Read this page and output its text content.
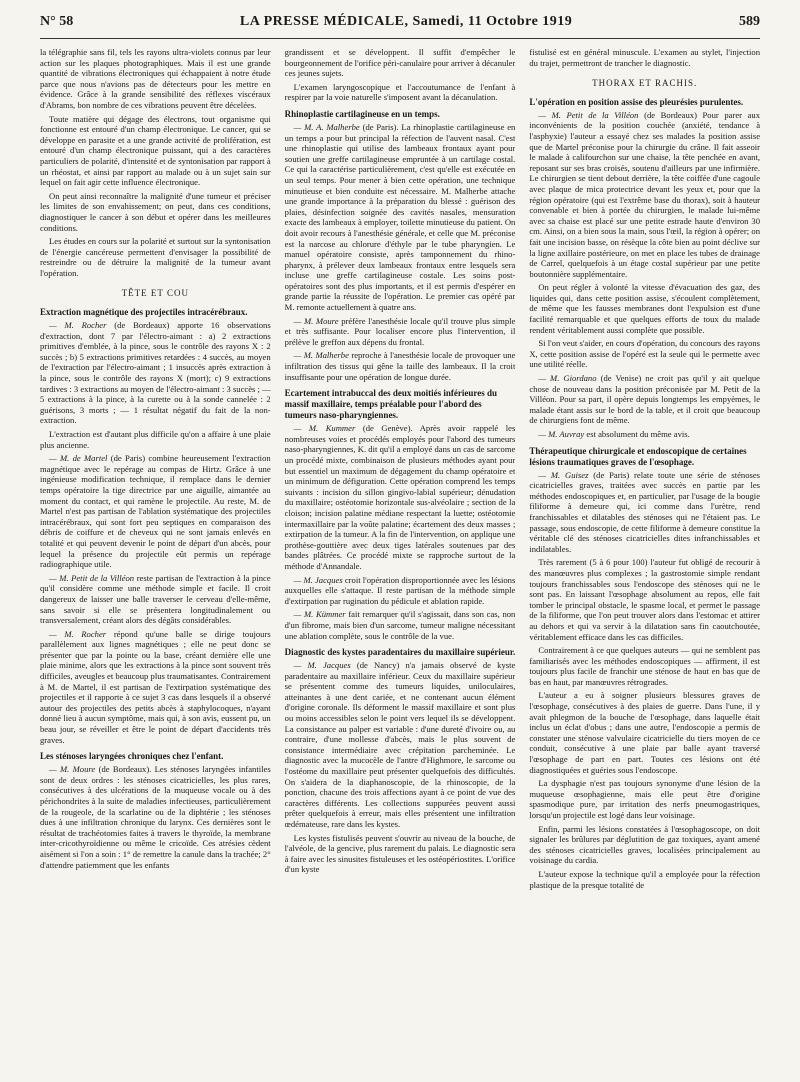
N° 58	LA PRESSE MÉDICALE, Samedi, 11 Octobre 1919	589

la télégraphie sans fil, tels les rayons ultra-violets connus par leur action sur les plaques photographiques. Mais il est une grande quantité de vibrations électroniques qui échappaient à notre étude parce que nous n'avions pas de détecteurs pour les mettre en évidence. Grâce à la grande sensibilité des réflexes viscéraux d'Abrams, bon nombre de ces vibrations peuvent être décelées.

Toute matière qui dégage des électrons, tout organisme qui fonctionne est entouré d'un champ électronique. Le cancer, qui se développe en parasite et a une grande activité de prolifération, est entouré d'un champ électronique puissant, qui a des caractères particuliers de polarité, d'intensité et de syntonisation par rapport à un rhéostat, et ainsi par rapport au malade ou à un sujet sain sur lequel on fait agir cette influence électronique.

On peut ainsi reconnaître la malignité d'une tumeur et préciser les limites de son envahissement; on peut, dans ces conditions, diagnostiquer le cancer à son début et opérer dans les meilleures conditions.

Les études en cours sur la polarité et surtout sur la syntonisation de l'énergie cancéreuse permettent d'envisager la possibilité de restreindre ou de détruire la malignité de la tumeur avant l'opération.

TÊTE ET COU
Extraction magnétique des projectiles intracérébraux.

— M. Rocher (de Bordeaux) apporte 16 observations d'extraction, dont 7 par l'électro-aimant : a) 2 extractions primitives d'emblée, à la pince, sous le contrôle des rayons X : 2 succès ; b) 5 extractions primitives retardées : 4 succès, au moyen de l'extraction par l'électro-aimant ; 1 insuccès après extraction à la pince, sous le contrôle des rayons X (mort); c) 9 extractions tardives : 3 extractions au moyen de l'électro-aimant : 3 succès ; — 5 extractions à la pince, à la curette ou à la sonde cannelée : 2 guérisons, 3 morts ; — 1 résultat négatif du fait de la non-extraction.

L'extraction est d'autant plus difficile qu'on a affaire à une plaie plus ancienne.

— M. de Martel (de Paris) combine heureusement l'extraction magnétique avec le repérage au compas de Hirtz. Grâce à une ingénieuse modification technique, il remplace dans le dernier temps opératoire la tige directrice par une aiguille, aimantée au moment du contact, et qui ramène le projectile. Au reste, M. de Martel n'est pas partisan de l'ablation systématique des projectiles intracérébraux, qui sont fort peu septiques en comparaison des débris de coiffure et de cheveux qui ne sont jamais enlevés en totalité et qui peuvent devenir le point de départ d'un abcès, pour lequel la présence du projectile eût permis un repérage radiographique utile.

— M. Petit de la Villéon reste partisan de l'extraction à la pince qu'il considère comme une méthode simple et facile. Il croit dangereux de laisser une balle traverser le cerveau d'elle-même, sans savoir si elle se présentera longitudinalement ou transversalement, créant alors des dégâts considérables.

— M. Rocher répond qu'une balle se dirige toujours parallèlement aux lignes magnétiques ; elle ne peut donc se présenter que par la pointe ou la base, créant dernière elle une plaie minime, alors que les extractions à la pince sont souvent très difficiles, aveugles et beaucoup plus traumatisantes. Contrairement à M. de Martel, il est partisan de l'extirpation systématique des projectiles et il rapporte à ce sujet 3 cas dans lesquels il a observé autour des projectiles des petits abcès à staphylocoques, n'ayant donné lieu à aucun symptôme, mais qui, à son avis, eussent pu, un beau jour, se réveiller et être le point de départ d'accidents très graves.

Les sténoses laryngées chroniques chez l'enfant.

— M. Moure (de Bordeaux). Les sténoses laryngées infantiles sont de deux ordres : les sténoses cicatricielles, les plus rares, consécutives à des ulcérations de la muqueuse vocale ou à des périchondrites à la suite de maladies infectieuses, particulièrement de la rougeole, de la scarlatine ou de la diphtérie ; les sténoses dues à une infiltration chronique du larynx. Ces dernières sont le résultat de trachéotomies faites à travers le thyroïde, la membrane inter-cricothyroïdienne ou même le cricoïde. Ces atrésies cèdent aisément si l'on a soin : 1° de remettre la canule dans la trachée; 2° d'attendre patiemment que les enfants

grandissent et se développent. Il suffit d'empêcher le bourgeonnement de l'orifice péri-canulaire pour arriver à décanuler ces jeunes sujets.

L'examen laryngoscopique et l'accoutumance de l'enfant à respirer par la voie naturelle s'imposent avant la décanulation.

Rhinoplastie cartilagineuse en un temps.

— M. A. Malherbe (de Paris). La rhinoplastie cartilagineuse en un temps a pour but principal la réfection de l'auvent nasal. C'est une rhinoplastie qui utilise des lambeaux frontaux ayant pour soutien une greffe cartilagineuse empruntée à un cartilage costal. Ce qui la caractérise particulièrement, c'est qu'elle est exécutée en un seul temps. Pour mener à bien cette opération, une technique minutieuse et bien conduite est nécessaire. M. Malherbe attache une grande importance à la préparation du blessé : guérison des plaies, désinfection soignée des cavités nasales, mensuration exacte des lambeaux à employer, toilette minutieuse du patient. On doit avoir recours à l'anesthésie générale, et celle que M. préconise est la narcose au chlorure d'éthyle par le tube pharyngien. Le manuel opératoire consiste, après tamponnement du rhino-pharynx, à prélever deux lambeaux frontaux entre lesquels sera incluse une greffe cartilagineuse costale. Les soins post-opératoires sont des plus importants, et il est permis d'espérer en grande partie la réussite de l'opération. Le premier cas opéré par M. remonte actuellement à quatre ans.

— M. Moure préfère l'anesthésie locale qu'il trouve plus simple et très suffisante. Pour localiser encore plus l'intervention, il prélève le greffon aux dépens du frontal.

— M. Malherbe reproche à l'anesthésie locale de provoquer une infiltration des tissus qui gêne la taille des lambeaux. Il la croit insuffisante pour une opération de longue durée.

Ecartement intrabuccal des deux moitiés inférieures du massif maxillaire, temps préalable pour l'abord des tumeurs naso-pharyngiennes.

— M. Kummer (de Genève). Après avoir rappelé les nombreuses voies et procédés employés pour l'abord des tumeurs naso-pharyngiennes, K. dit qu'il a employé dans un cas de sarcome un procédé mixte, combinaison de plusieurs méthodes ayant pour but essentiel un maximum de dégagement du champ opératoire et un minimum de défiguration. Cette opération comprend les temps suivants : incision du sillon gingivo-labial supérieur; dénudation du maxillaire; ostéotomie horizontale sus-alvéolaire ; section de la cloison; incision palatine médiane respectant la luette; ostéotomie intermaxillaire par la voûte palatine; écartement des deux masses ; extirpation de la tumeur. A la fin de l'intervention, on applique une prothèse-gouttière avec deux tiges latérales soutenues par des bandes plâtrées. Ce procédé mixte se rapproche surtout de la méthode d'Annandale.

— M. Jacques croit l'opération disproportionnée avec les lésions auxquelles elle s'attaque. Il reste partisan de la méthode simple d'extirpation par rugination du pédicule et ablation rapide.

— M. Kümmer fait remarquer qu'il s'agissait, dans son cas, non d'un fibrome, mais bien d'un sarcome, tumeur maligne nécessitant une ablation complète, sous le contrôle de la vue.

Diagnostic des kystes paradentaires du maxillaire supérieur.

— M. Jacques (de Nancy) n'a jamais observé de kyste paradentaire au maxillaire inférieur. Ceux du maxillaire supérieur se présentent comme des tumeurs liquides, uniloculaires, atteinantes à une dent cariée, et ne contenant aucun élément d'origine coronale. Ils déforment le massif maxillaire et sont plus ou moins accessibles selon le point vers lequel ils se développent. La consistance au palper est variable : d'une dureté d'ivoire ou, au contraire, d'une mollesse d'abcès, mais le plus souvent de consistance intermédiaire avec crépitation parcheminée. Le diagnostic avec la mucocèle de l'antre d'Highmore, le sarcome ou l'ostéome du maxillaire peut présenter quelquefois des difficultés. On s'aidera de la diaphanoscopie, de la rhinoscopie, de la ponction, chacune des trois affections ayant à ce point de vue des caractères différents. Les collections suppurées peuvent aussi prêter quelquefois à erreur, mais elles présentent une infiltration œdémateuse, rare dans les kystes.

Les kystes fistulisés peuvent s'ouvrir au niveau de la bouche, de l'alvéole, de la gencive, plus rarement du palais. Le diagnostic sera à faire avec les sinusites fistuleuses et les ostéopériostites. L'orifice d'un kyste

fistulisé est en général minuscule. L'examen au stylet, l'injection du trajet, permettront de trancher le diagnostic.

THORAX ET RACHIS.
L'opération en position assise des pleurésies purulentes.

— M. Petit de la Villéon (de Bordeaux) Pour parer aux inconvénients de la position couchée (anxiété, tendance à l'asphyxie) l'auteur a essayé chez ses malades la position assise que de Martel préconise pour la chirurgie du crâne. Il fait asseoir le malade à califourchon sur une chaise, la tête penchée en avant, reposant sur ses bras croisés, soutenu d'ailleurs par une infirmière. Le chirurgien se tient debout derrière, la tête coiffée d'une cagoule avec plaque de mica protectrice devant les yeux et, pour que la région opératoire (qui est l'extrême base du thorax), soit à hauteur convenable et bien à portée du chirurgien, le malade lui-même avec sa chaise est placé sur une petite estrade haute d'environ 30 cm. Ainsi, on a bien sous la main, sous l'œil, la région à opérer; on fait une incision basse, on résèque la côte bien au point déclive sur la ligne axillaire postérieure, on met en place les tubes de drainage de Carrel, quelquefois à un étage costal supérieur par une petite boutonnière supplémentaire.

On peut régler à volonté la vitesse d'évacuation des gaz, des liquides qui, dans cette position assise, s'écoulent complètement, de même que les fausses membranes dont l'expulsion est d'une facilité remarquable et que quelques efforts de toux du malade rendent véritablement aussi complète que possible.

Si l'on veut s'aider, en cours d'opération, du concours des rayons X, cette position assise de l'opéré est la seule qui le permette avec une utilité réelle.

— M. Giordano (de Venise) ne croit pas qu'il y ait quelque chose de nouveau dans la position préconisée par M. Petit de la Villéon. Pour sa part, il opère depuis longtemps les empyèmes, le malade étant assis sur le bord de la table, et il croit que beaucoup de chirurgiens font de même.

— M. Auvray est absolument du même avis.

Thérapeutique chirurgicale et endoscopique de certaines lésions traumatiques graves de l'œsophage.

— M. Guisez (de Paris) relate toute une série de sténoses cicatricielles graves, traitées avec succès en partie par les méthodes endoscopiques et, en particulier, par l'usage de la bougie filiforme à demeure qui, ici comme dans l'urètre, rend franchissables et dilatables des sténoses qui ne l'étaient pas. Le passage, sous endoscopie, de cette filiforme à demeure constitue la véritable clé des sténoses cicatricielles dites infranchissables et indilatables.

Très rarement (5 à 6 pour 100) l'auteur fut obligé de recourir à des manœuvres plus complexes ; la gastrostomie simple rendant toujours franchissables sous l'endoscope des sténoses qui ne le sont pas. En laissant l'œsophage absolument au repos, elle fait tomber le principal obstacle, le spasme local, et permet le passage de la filiforme, que l'on peut trouver alors dans l'estomac et attirer au dehors et qui va servir à la dilatation sans fin caoutchoutée, véritablement efficace dans les cas difficiles.

Contrairement à ce que quelques auteurs — qui ne semblent pas familiarisés avec les méthodes endoscopiques — affirment, il est toujours plus facile de franchir une sténose de haut en bas que de bas en haut, par manœuvres rétrogrades.

L'auteur a eu à soigner plusieurs blessures graves de l'œsophage, consécutives à des plaies de guerre. Dans l'une, il y avait phlegmon de la bouche de l'œsophage, dans laquelle était inclus un éclat d'obus ; dans une autre, l'endoscopie a permis de constater une sténose valvulaire cicatricielle du tiers moyen de ce conduit, consécutive à une plaie par balle ayant traversé l'œsophage de part en part. Toutes ces lésions ont été diagnostiquées et guéries sous l'endoscope.

La dysphagie n'est pas toujours synonyme d'une lésion de la muqueuse œsophagienne, mais elle peut être d'origine spasmodique pure, par irritation des nerfs pneumogastriques, lorsqu'un projectile est logé dans leur voisinage.

Enfin, parmi les lésions constatées à l'œsophagoscope, on doit signaler les brûlures par déglutition de gaz toxiques, ayant amené des sténoses cicatricielles graves, localisées principalement au voisinage du cardia.

L'auteur expose la technique qu'il a employée pour la réfection plastique de la presque totalité de
